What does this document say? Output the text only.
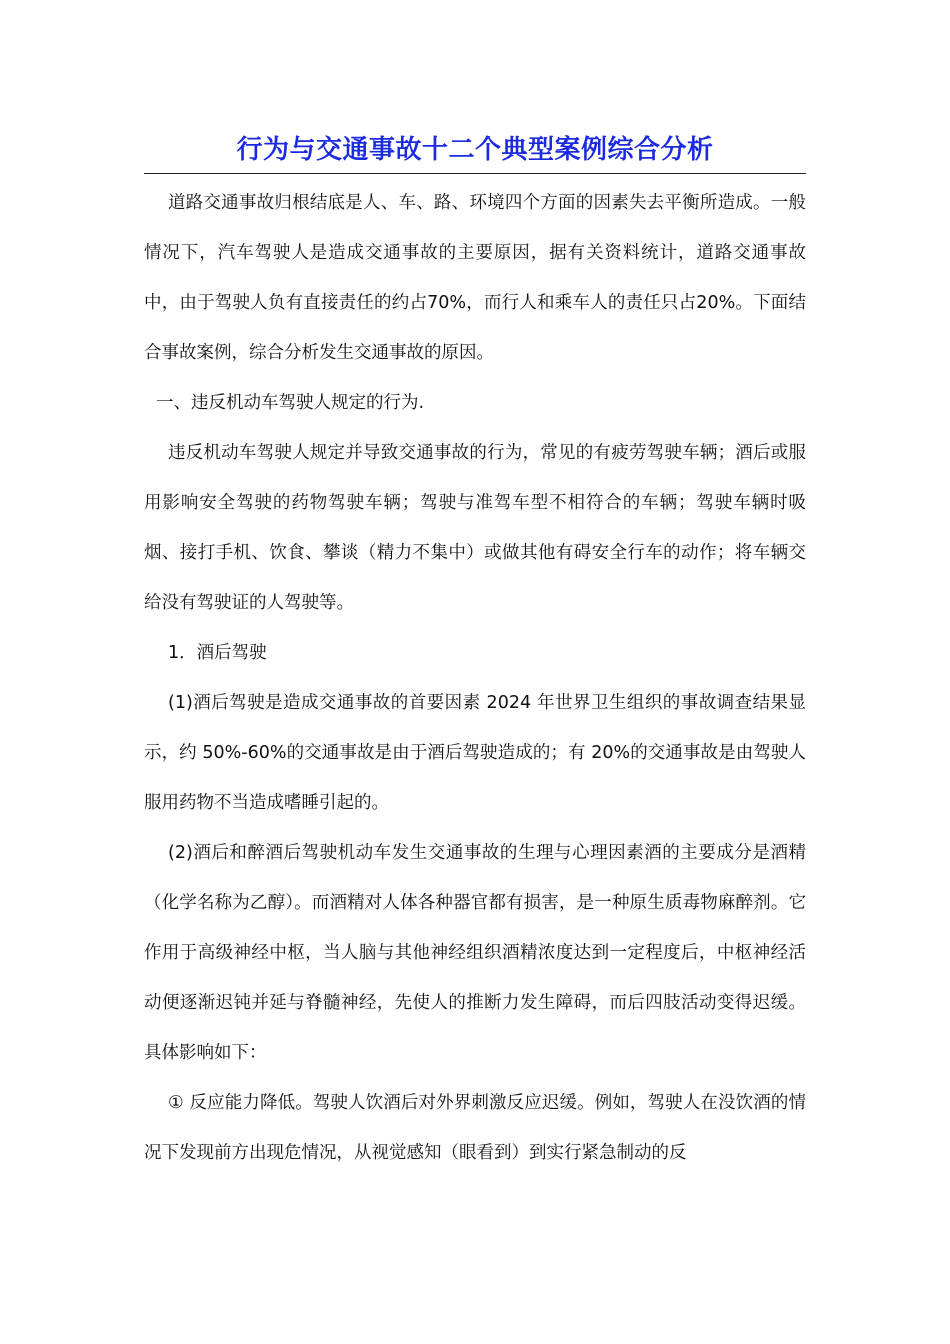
行为与交通事故十二个典型案例综合分析

道路交通事故归根结底是人、车、路、环境四个方面的因素失去平衡所造成。一般情况下，汽车驾驶人是造成交通事故的主要原因，据有关资料统计，道路交通事故中，由于驾驶人负有直接责任的约占70%，而行人和乘车人的责任只占20%。下面结合事故案例，综合分析发生交通事故的原因。

一、违反机动车驾驶人规定的行为.

违反机动车驾驶人规定并导致交通事故的行为，常见的有疲劳驾驶车辆；酒后或服用影响安全驾驶的药物驾驶车辆；驾驶与准驾车型不相符合的车辆；驾驶车辆时吸烟、接打手机、饮食、攀谈（精力不集中）或做其他有碍安全行车的动作；将车辆交给没有驾驶证的人驾驶等。

1．酒后驾驶

(1)酒后驾驶是造成交通事故的首要因素 2024 年世界卫生组织的事故调查结果显示，约 50%-60%的交通事故是由于酒后驾驶造成的；有 20%的交通事故是由驾驶人服用药物不当造成嗜睡引起的。

(2)酒后和醉酒后驾驶机动车发生交通事故的生理与心理因素酒的主要成分是酒精（化学名称为乙醇）。而酒精对人体各种器官都有损害，是一种原生质毒物麻醉剂。它作用于高级神经中枢，当人脑与其他神经组织酒精浓度达到一定程度后，中枢神经活动便逐渐迟钝并延与脊髓神经，先使人的推断力发生障碍，而后四肢活动变得迟缓。具体影响如下：

① 反应能力降低。驾驶人饮酒后对外界刺激反应迟缓。例如，驾驶人在没饮酒的情况下发现前方出现危情况，从视觉感知（眼看到）到实行紧急制动的反
